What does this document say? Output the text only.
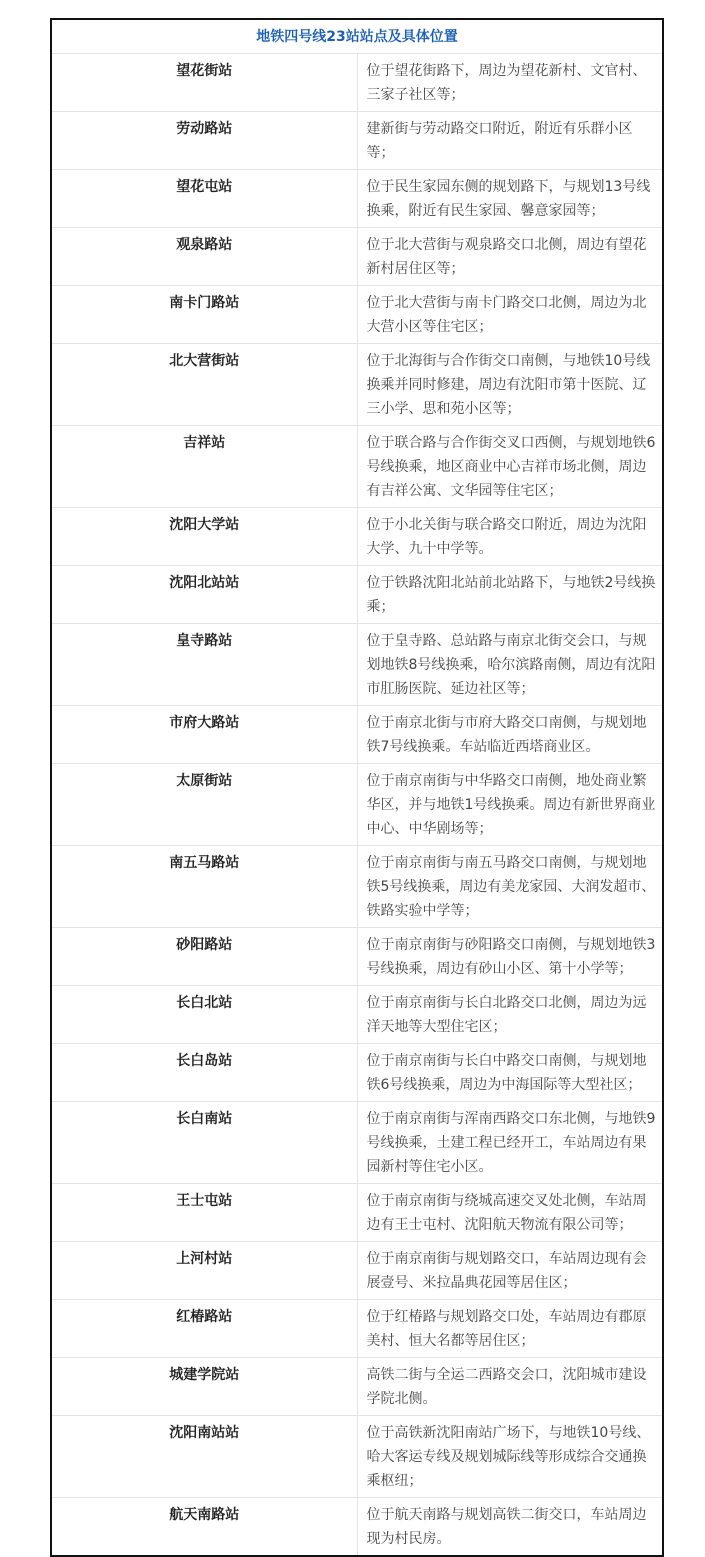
地铁四号线23站站点及具体位置	
望花街站	位于望花街路下，周边为望花新村、文官村、三家子社区等；
劳动路站	建新街与劳动路交口附近，附近有乐群小区等；
望花屯站	位于民生家园东侧的规划路下，与规划13号线换乘，附近有民生家园、馨意家园等；
观泉路站	位于北大营街与观泉路交口北侧，周边有望花新村居住区等；
南卡门路站	位于北大营街与南卡门路交口北侧，周边为北大营小区等住宅区；
北大营街站	位于北海街与合作街交口南侧，与地铁10号线换乘并同时修建，周边有沈阳市第十医院、辽三小学、思和苑小区等；
吉祥站	位于联合路与合作街交叉口西侧，与规划地铁6号线换乘，地区商业中心吉祥市场北侧，周边有吉祥公寓、文华园等住宅区；
沈阳大学站	位于小北关街与联合路交口附近，周边为沈阳大学、九十中学等。
沈阳北站站	位于铁路沈阳北站前北站路下，与地铁2号线换乘；
皇寺路站	位于皇寺路、总站路与南京北街交会口，与规划地铁8号线换乘，哈尔滨路南侧，周边有沈阳市肛肠医院、延边社区等；
市府大路站	位于南京北街与市府大路交口南侧，与规划地铁7号线换乘。车站临近西塔商业区。
太原街站	位于南京南街与中华路交口南侧，地处商业繁华区，并与地铁1号线换乘。周边有新世界商业中心、中华剧场等；
南五马路站	位于南京南街与南五马路交口南侧，与规划地铁5号线换乘，周边有美龙家园、大润发超市、铁路实验中学等；
砂阳路站	位于南京南街与砂阳路交口南侧，与规划地铁3号线换乘，周边有砂山小区、第十小学等；
长白北站	位于南京南街与长白北路交口北侧，周边为远洋天地等大型住宅区；
长白岛站	位于南京南街与长白中路交口南侧，与规划地铁6号线换乘，周边为中海国际等大型社区；
长白南站	位于南京南街与浑南西路交口东北侧，与地铁9号线换乘，土建工程已经开工，车站周边有果园新村等住宅小区。
王士屯站	位于南京南街与绕城高速交叉处北侧，车站周边有王士屯村、沈阳航天物流有限公司等；
上河村站	位于南京南街与规划路交口，车站周边现有会展壹号、米拉晶典花园等居住区；
红椿路站	位于红椿路与规划路交口处，车站周边有郡原美村、恒大名都等居住区；
城建学院站	高铁二街与全运二西路交会口，沈阳城市建设学院北侧。
沈阳南站站	位于高铁新沈阳南站广场下，与地铁10号线、哈大客运专线及规划城际线等形成综合交通换乘枢纽；
航天南路站	位于航天南路与规划高铁二街交口，车站周边现为村民房。
